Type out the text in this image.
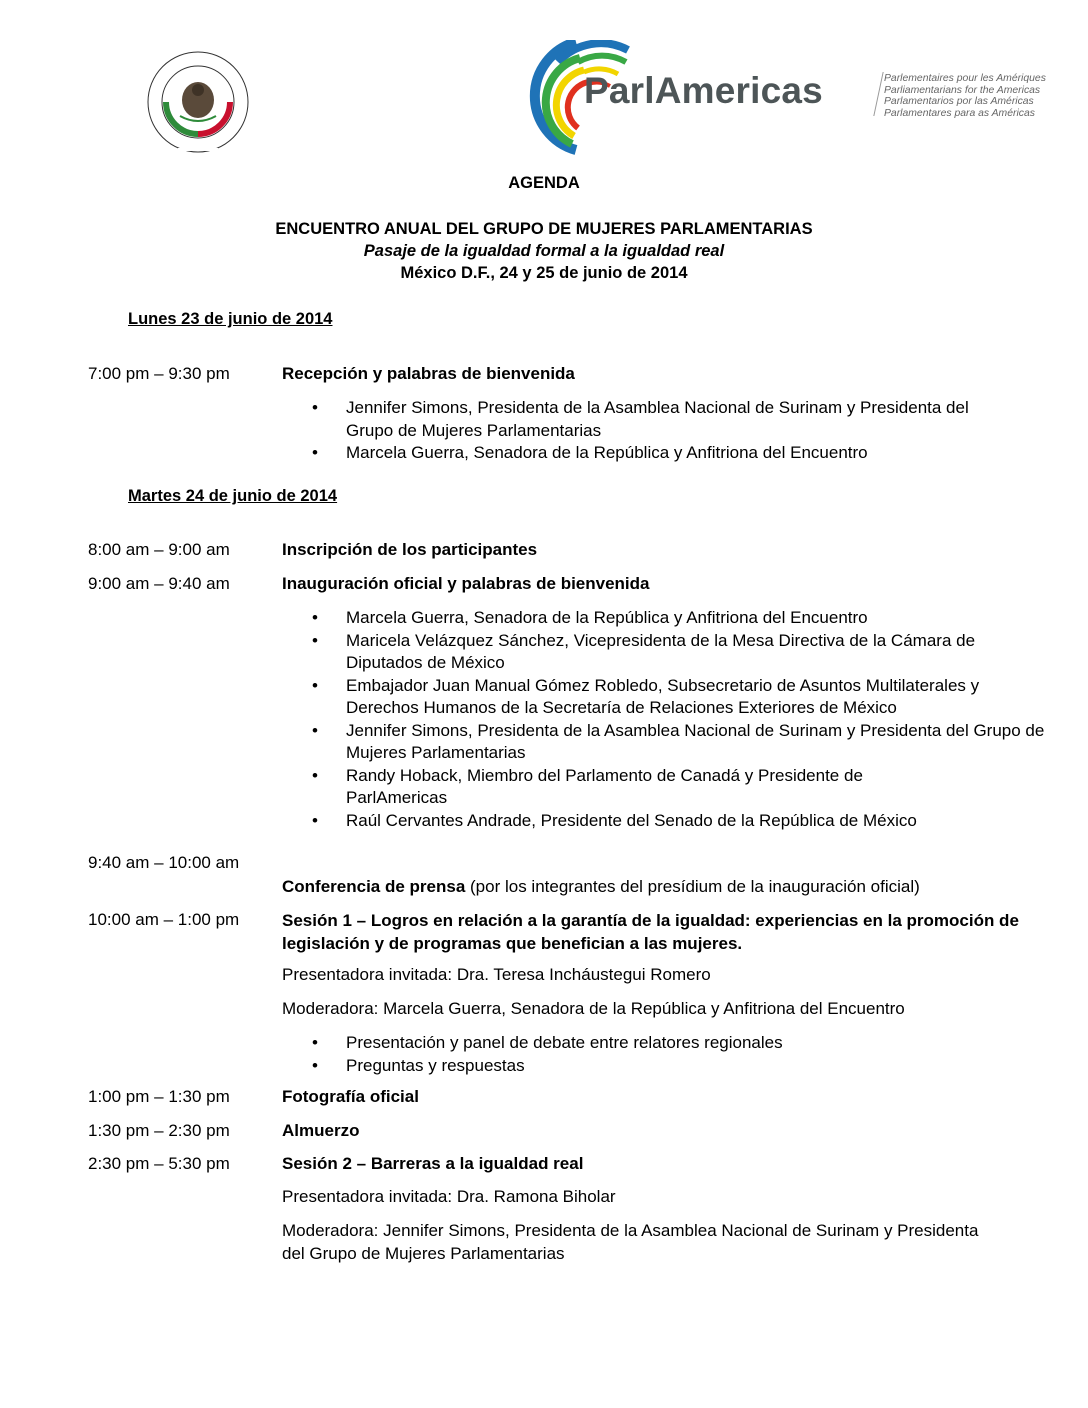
ParlAmericas	Parlementaires pour les Amériques
Parliamentarians for the Americas
Parlamentarios por las Américas
Parlamentares para as Américas
AGENDA
ENCUENTRO ANUAL DEL GRUPO DE MUJERES PARLAMENTARIAS
Pasaje de la igualdad formal a la igualdad real
México D.F., 24 y 25 de junio de 2014
Lunes 23 de junio de 2014
7:00 pm – 9:30 pm	Recepción y palabras de bienvenida
• Jennifer Simons, Presidenta de la Asamblea Nacional de Surinam y Presidenta del Grupo de Mujeres Parlamentarias
• Marcela Guerra, Senadora de la República y Anfitriona del Encuentro
Martes 24 de junio de 2014
8:00 am – 9:00 am	Inscripción de los participantes
9:00 am – 9:40 am	Inauguración oficial y palabras de bienvenida
• Marcela Guerra, Senadora de la República y Anfitriona del Encuentro
• Maricela Velázquez Sánchez, Vicepresidenta de la Mesa Directiva de la Cámara de Diputados de México
• Embajador Juan Manual Gómez Robledo, Subsecretario de Asuntos Multilaterales y Derechos Humanos de la Secretaría de Relaciones Exteriores de México
• Jennifer Simons, Presidenta de la Asamblea Nacional de Surinam y Presidenta del Grupo de Mujeres Parlamentarias
• Randy Hoback, Miembro del Parlamento de Canadá y Presidente de ParlAmericas
• Raúl Cervantes Andrade, Presidente del Senado de la República de México
9:40 am – 10:00 am
Conferencia de prensa (por los integrantes del presídium de la inauguración oficial)
10:00 am – 1:00 pm	Sesión 1 – Logros en relación a la garantía de la igualdad: experiencias en la promoción de legislación y de programas que benefician a las mujeres.
Presentadora invitada: Dra. Teresa Incháustegui Romero
Moderadora: Marcela Guerra, Senadora de la República y Anfitriona del Encuentro
• Presentación y panel de debate entre relatores regionales
• Preguntas y respuestas
1:00 pm – 1:30 pm	Fotografía oficial
1:30 pm – 2:30 pm	Almuerzo
2:30 pm – 5:30 pm	Sesión 2 – Barreras a la igualdad real
Presentadora invitada: Dra. Ramona Biholar
Moderadora: Jennifer Simons, Presidenta de la Asamblea Nacional de Surinam y Presidenta del Grupo de Mujeres Parlamentarias
